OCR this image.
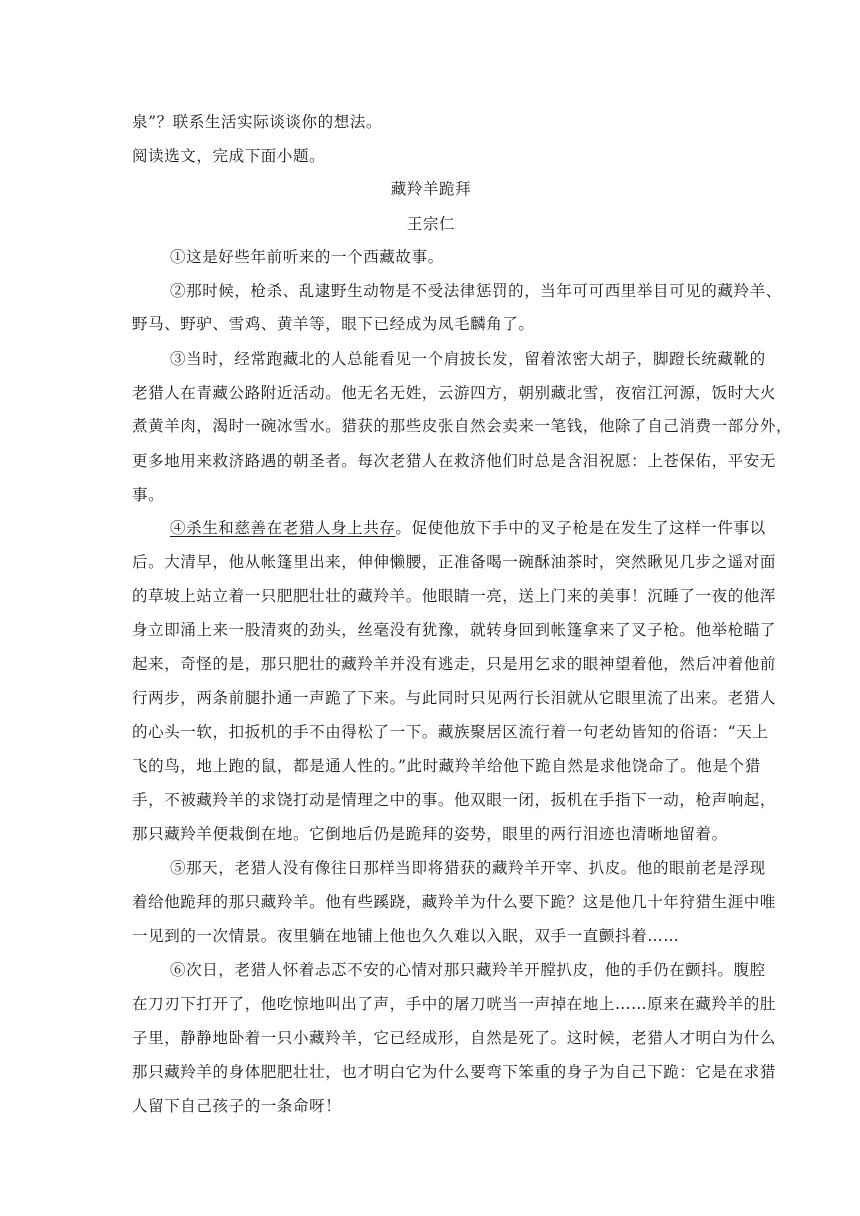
泉”？联系生活实际谈谈你的想法。
阅读选文，完成下面小题。
藏羚羊跪拜
王宗仁
①这是好些年前听来的一个西藏故事。
②那时候，枪杀、乱逮野生动物是不受法律惩罚的，当年可可西里举目可见的藏羚羊、
野马、野驴、雪鸡、黄羊等，眼下已经成为凤毛麟角了。
③当时，经常跑藏北的人总能看见一个肩披长发，留着浓密大胡子，脚蹬长统藏靴的
老猎人在青藏公路附近活动。他无名无姓，云游四方，朝别藏北雪，夜宿江河源，饭时大火
煮黄羊肉，渴时一碗冰雪水。猎获的那些皮张自然会卖来一笔钱，他除了自己消费一部分外，
更多地用来救济路遇的朝圣者。每次老猎人在救济他们时总是含泪祝愿：上苍保佑，平安无
事。
④杀生和慈善在老猎人身上共存。促使他放下手中的叉子枪是在发生了这样一件事以
后。大清早，他从帐篷里出来，伸伸懒腰，正准备喝一碗酥油茶时，突然瞅见几步之遥对面
的草坡上站立着一只肥肥壮壮的藏羚羊。他眼睛一亮，送上门来的美事！沉睡了一夜的他浑
身立即涌上来一股清爽的劲头，丝毫没有犹豫，就转身回到帐篷拿来了叉子枪。他举枪瞄了
起来，奇怪的是，那只肥壮的藏羚羊并没有逃走，只是用乞求的眼神望着他，然后冲着他前
行两步，两条前腿扑通一声跪了下来。与此同时只见两行长泪就从它眼里流了出来。老猎人
的心头一软，扣扳机的手不由得松了一下。藏族聚居区流行着一句老幼皆知的俗语：“天上
飞的鸟，地上跑的鼠，都是通人性的。”此时藏羚羊给他下跪自然是求他饶命了。他是个猎
手，不被藏羚羊的求饶打动是情理之中的事。他双眼一闭，扳机在手指下一动，枪声响起，
那只藏羚羊便栽倒在地。它倒地后仍是跪拜的姿势，眼里的两行泪迹也清晰地留着。
⑤那天，老猎人没有像往日那样当即将猎获的藏羚羊开宰、扒皮。他的眼前老是浮现
着给他跪拜的那只藏羚羊。他有些蹊跷，藏羚羊为什么要下跪？这是他几十年狩猎生涯中唯
一见到的一次情景。夜里躺在地铺上他也久久难以入眠，双手一直颤抖着……
⑥次日，老猎人怀着忐忑不安的心情对那只藏羚羊开膛扒皮，他的手仍在颤抖。腹腔
在刀刃下打开了，他吃惊地叫出了声，手中的屠刀咣当一声掉在地上……原来在藏羚羊的肚
子里，静静地卧着一只小藏羚羊，它已经成形，自然是死了。这时候，老猎人才明白为什么
那只藏羚羊的身体肥肥壮壮，也才明白它为什么要弯下笨重的身子为自己下跪：它是在求猎
人留下自己孩子的一条命呀！
